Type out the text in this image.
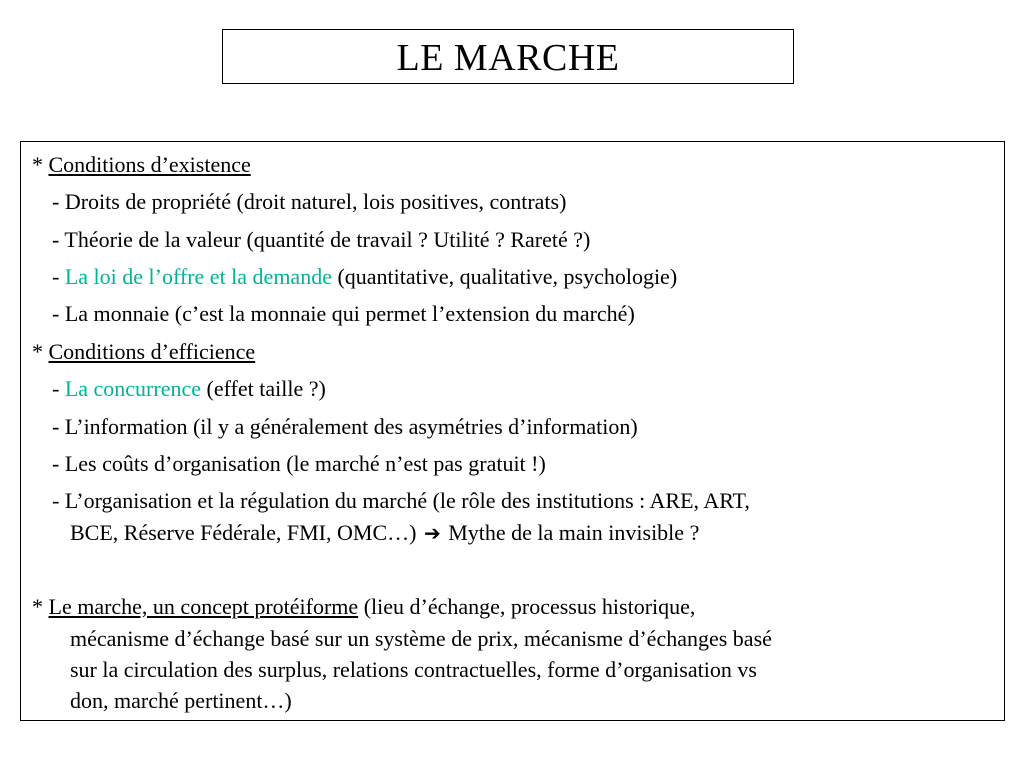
LE MARCHE
* Conditions d’existence
- Droits de propriété (droit naturel, lois positives, contrats)
- Théorie de la valeur (quantité de travail ? Utilité ? Rareté ?)
- La loi de l’offre et la demande (quantitative, qualitative, psychologie)
- La monnaie (c’est la monnaie qui permet l’extension du marché)
* Conditions d’efficience
- La concurrence (effet taille ?)
- L’information (il y a généralement des asymétries d’information)
- Les coûts d’organisation (le marché n’est pas gratuit !)
- L’organisation et la régulation du marché (le rôle des institutions : ARE, ART,
BCE, Réserve Fédérale, FMI, OMC…) ➔ Mythe de la main invisible ?
* Le marche, un concept protéiforme (lieu d’échange, processus historique,
mécanisme d’échange basé sur un système de prix, mécanisme d’échanges basé
sur la circulation des surplus, relations contractuelles, forme d’organisation vs
don, marché pertinent…)
